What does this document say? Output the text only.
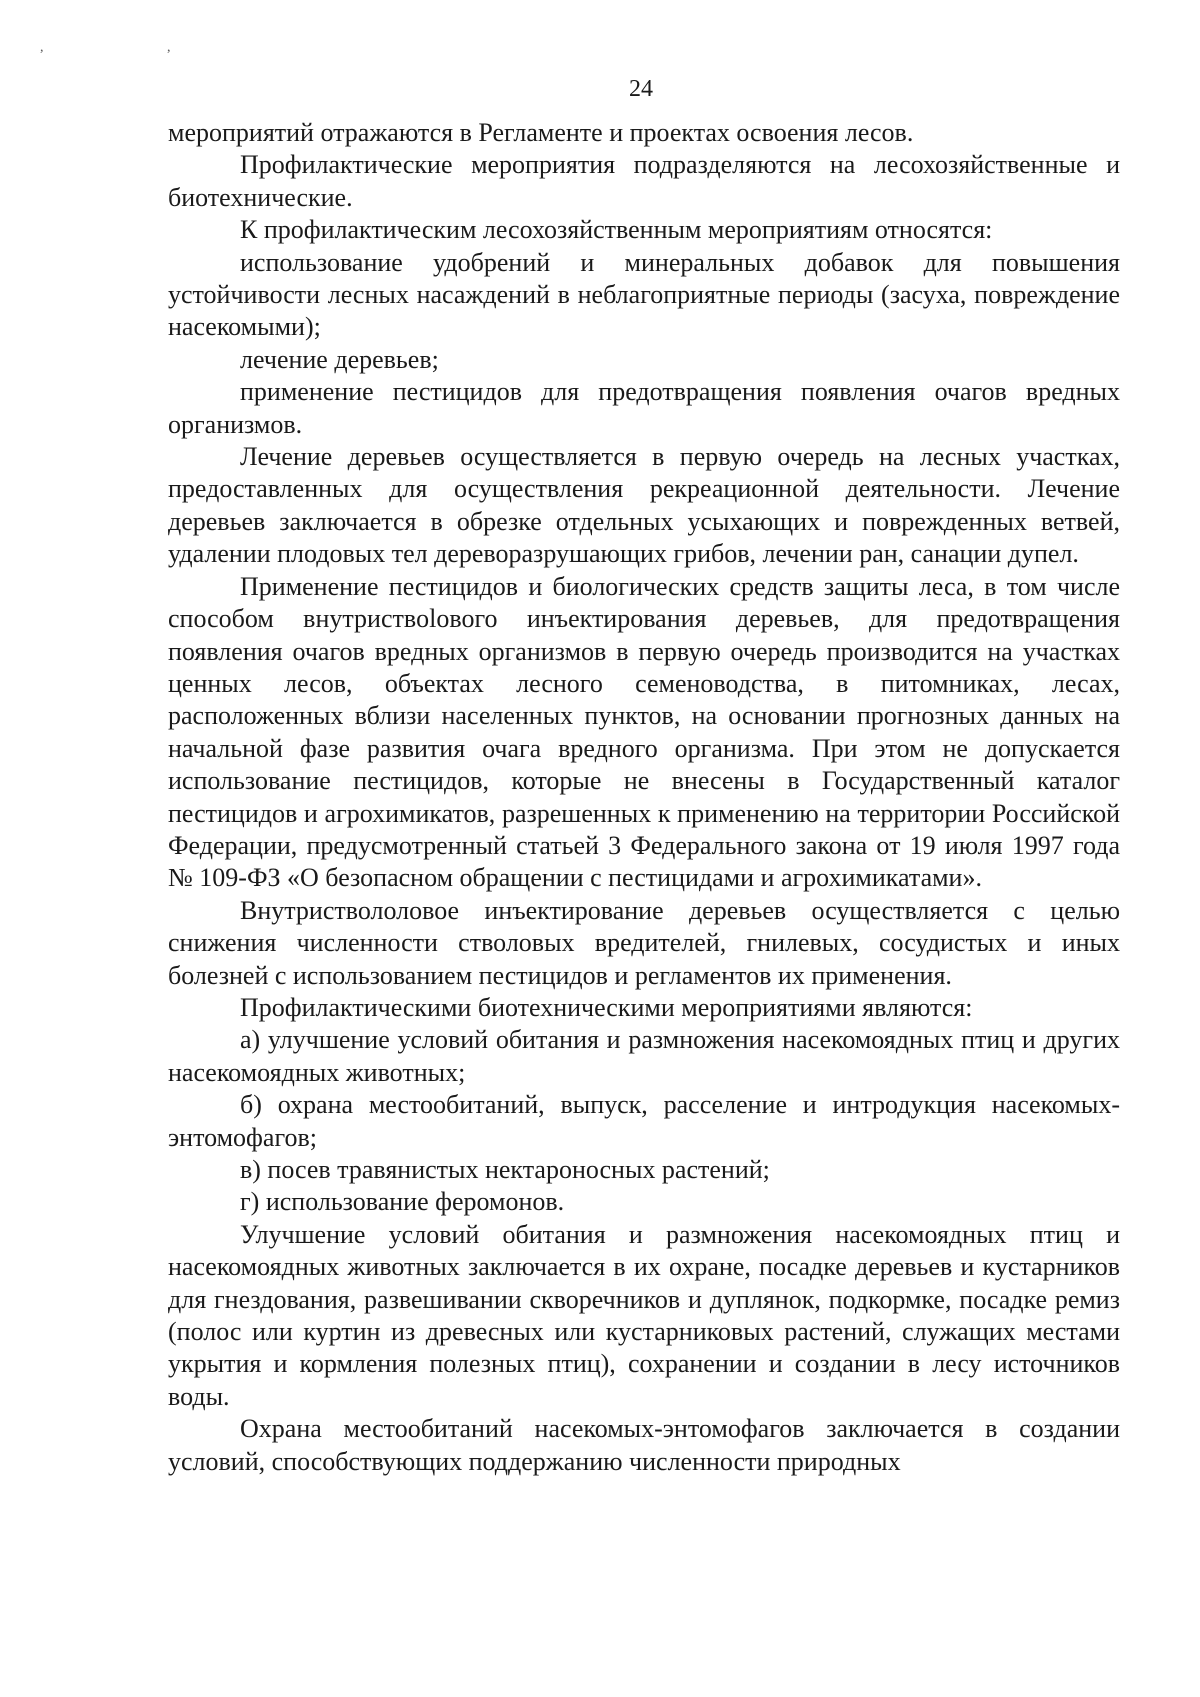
, ,
24

мероприятий отражаются в Регламенте и проектах освоения лесов.

Профилактические мероприятия подразделяются на лесохозяйственные и биотехнические.

К профилактическим лесохозяйственным мероприятиям относятся:

использование удобрений и минеральных добавок для повышения устойчивости лесных насаждений в неблагоприятные периоды (засуха, повреждение насекомыми);

лечение деревьев;

применение пестицидов для предотвращения появления очагов вредных организмов.

Лечение деревьев осуществляется в первую очередь на лесных участках, предоставленных для осуществления рекреационной деятельности. Лечение деревьев заключается в обрезке отдельных усыхающих и поврежденных ветвей, удалении плодовых тел дереворазрушающих грибов, лечении ран, санации дупел.

Применение пестицидов и биологических средств защиты леса, в том числе способом внутриствolового инъектирования деревьев, для предотвращения появления очагов вредных организмов в первую очередь производится на участках ценных лесов, объектах лесного семеноводства, в питомниках, лесах, расположенных вблизи населенных пунктов, на основании прогнозных данных на начальной фазе развития очага вредного организма. При этом не допускается использование пестицидов, которые не внесены в Государственный каталог пестицидов и агрохимикатов, разрешенных к применению на территории Российской Федерации, предусмотренный статьей 3 Федерального закона от 19 июля 1997 года № 109-ФЗ «О безопасном обращении с пестицидами и агрохимикатами».

Внутриствололовое инъектирование деревьев осуществляется с целью снижения численности стволовых вредителей, гнилевых, сосудистых и иных болезней с использованием пестицидов и регламентов их применения.

Профилактическими биотехническими мероприятиями являются:

а) улучшение условий обитания и размножения насекомоядных птиц и других насекомоядных животных;

б) охрана местообитаний, выпуск, расселение и интродукция насекомых-энтомофагов;

в) посев травянистых нектароносных растений;

г) использование феромонов.

Улучшение условий обитания и размножения насекомоядных птиц и насекомоядных животных заключается в их охране, посадке деревьев и кустарников для гнездования, развешивании скворечников и дуплянок, подкормке, посадке ремиз (полос или куртин из древесных или кустарниковых растений, служащих местами укрытия и кормления полезных птиц), сохранении и создании в лесу источников воды.

Охрана местообитаний насекомых-энтомофагов заключается в создании условий, способствующих поддержанию численности природных
